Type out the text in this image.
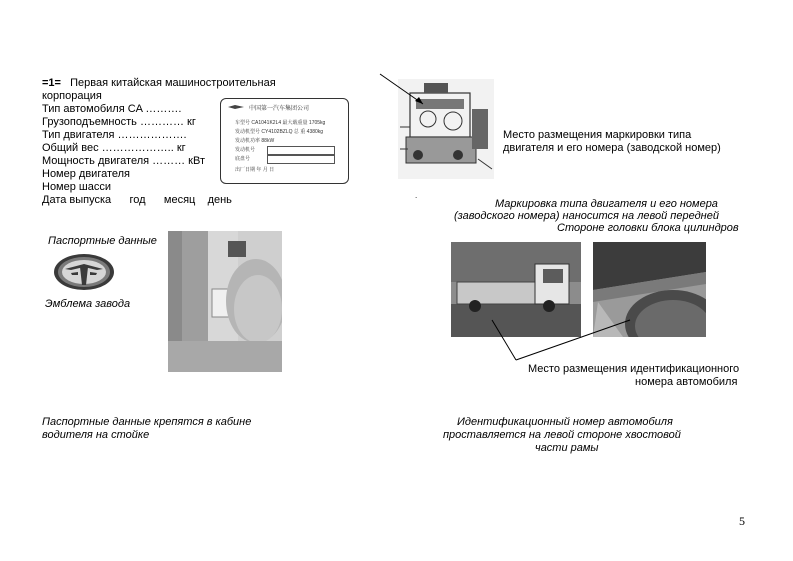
=1= Первая китайская машиностроительная
корпорация
Тип автомобиля CA ……….
Грузоподъемность ………… кг
Тип двигателя ……………….
Общий вес ……………….. кг
Мощность двигателя ……… кВт
Номер двигателя
Номер шасси
Дата выпуска      год      месяц    день
中国第一汽车集团公司
车型号 CA1041K2L4 最大载重量 1705kg
发动机型号 CY4102BZLQ 总 重 4380kg
发动机功率 88kW
发动机号
底盘号
出厂日期 年 月 日
Паспортные данные
Эмблема завода
Паспортные данные крепятся в кабине
водителя на стойке
Место размещения маркировки типа
двигателя и его номера (заводской номер)
.
Маркировка типа двигателя и его номера
(заводского номера) наносится на левой передней
Стороне головки блока цилиндров
Место размещения идентификационного
номера автомобиля
Идентификационный номер автомобиля
проставляется на левой стороне хвостовой
части рамы
5
